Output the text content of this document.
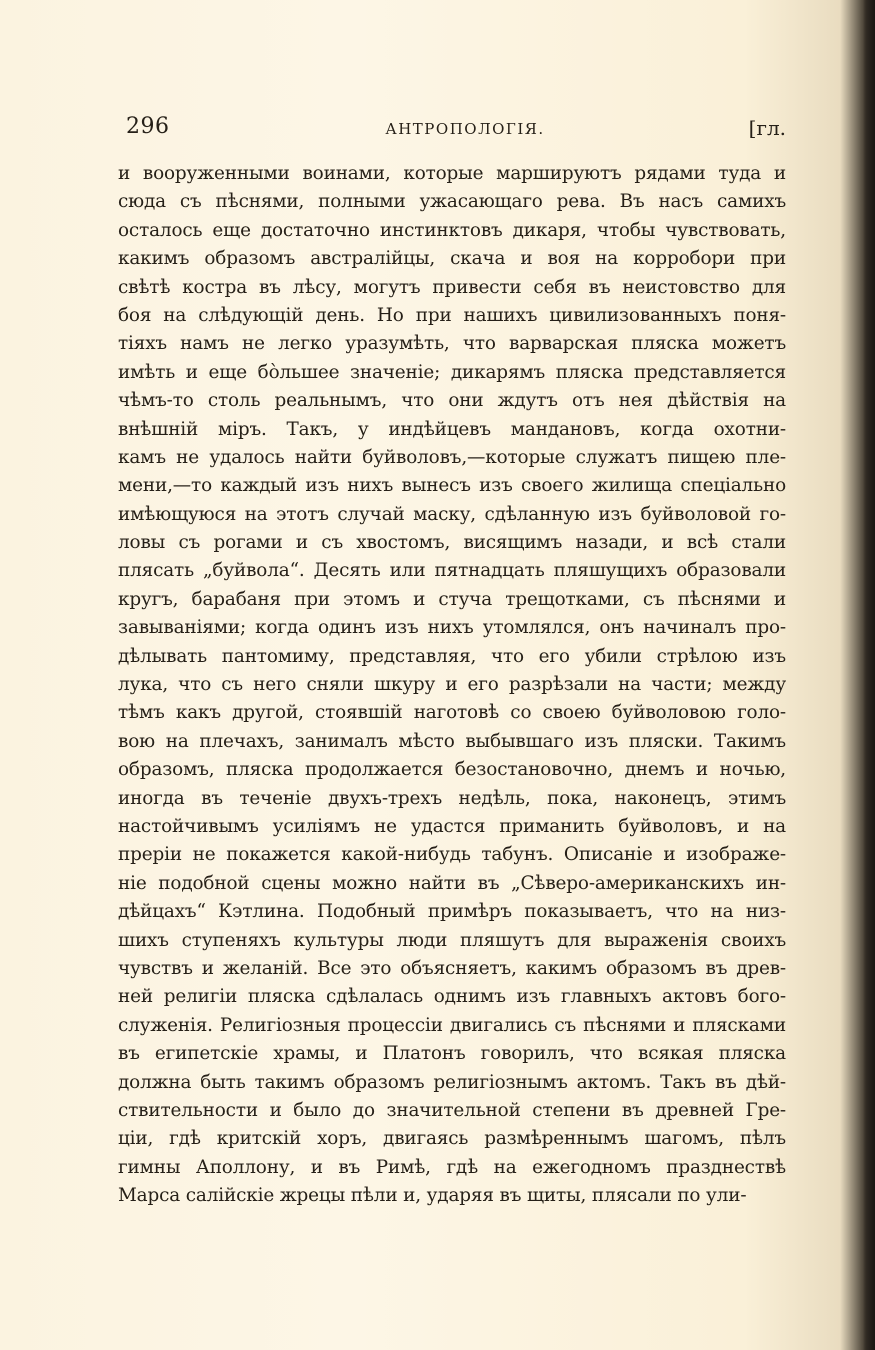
296	АНТРОПОЛОГІЯ.	[гл.
и вооруженными воинами, которые маршируютъ рядами туда и
сюда съ пѣснями, полными ужасающаго рева. Въ насъ самихъ
осталось еще достаточно инстинктовъ дикаря, чтобы чувствовать,
какимъ образомъ австралійцы, скача и воя на корробори при
свѣтѣ костра въ лѣсу, могутъ привести себя въ неистовство для
боя на слѣдующій день. Но при нашихъ цивилизованныхъ поня-
тіяхъ намъ не легко уразумѣть, что варварская пляска можетъ
имѣть и еще бо̀льшее значеніе; дикарямъ пляска представляется
чѣмъ-то столь реальнымъ, что они ждутъ отъ нея дѣйствія на
внѣшній міръ. Такъ, у индѣйцевъ мандановъ, когда охотни-
камъ не удалось найти буйволовъ,—которые служатъ пищею пле-
мени,—то каждый изъ нихъ вынесъ изъ своего жилища спеціально
имѣющуюся на этотъ случай маску, сдѣланную изъ буйволовой го-
ловы съ рогами и съ хвостомъ, висящимъ назади, и всѣ стали
плясать „буйвола“. Десять или пятнадцать пляшущихъ образовали
кругъ, барабаня при этомъ и стуча трещотками, съ пѣснями и
завываніями; когда одинъ изъ нихъ утомлялся, онъ начиналъ про-
дѣлывать пантомиму, представляя, что его убили стрѣлою изъ
лука, что съ него сняли шкуру и его разрѣзали на части; между
тѣмъ какъ другой, стоявшій наготовѣ со своею буйволовою голо-
вою на плечахъ, занималъ мѣсто выбывшаго изъ пляски. Такимъ
образомъ, пляска продолжается безостановочно, днемъ и ночью,
иногда въ теченіе двухъ-трехъ недѣль, пока, наконецъ, этимъ
настойчивымъ усиліямъ не удастся приманить буйволовъ, и на
преріи не покажется какой-нибудь табунъ. Описаніе и изображе-
ніе подобной сцены можно найти въ „Сѣверо-американскихъ ин-
дѣйцахъ“ Кэтлина. Подобный примѣръ показываетъ, что на низ-
шихъ ступеняхъ культуры люди пляшутъ для выраженія своихъ
чувствъ и желаній. Все это объясняетъ, какимъ образомъ въ древ-
ней религіи пляска сдѣлалась однимъ изъ главныхъ актовъ бого-
служенія. Религіозныя процессіи двигались съ пѣснями и плясками
въ египетскіе храмы, и Платонъ говорилъ, что всякая пляска
должна быть такимъ образомъ религіознымъ актомъ. Такъ въ дѣй-
ствительности и было до значительной степени въ древней Гре-
ціи, гдѣ критскій хоръ, двигаясь размѣреннымъ шагомъ, пѣлъ
гимны Аполлону, и въ Римѣ, гдѣ на ежегодномъ празднествѣ
Марса салійскіе жрецы пѣли и, ударяя въ щиты, плясали по ули-
